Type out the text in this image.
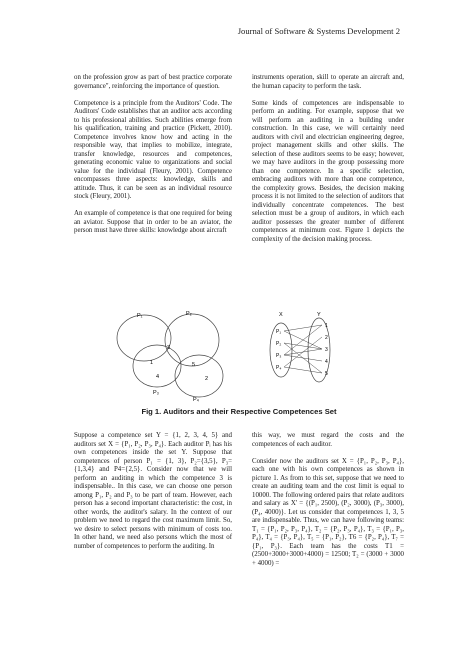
Journal of Software & Systems Development 2

on the profession grow as part of best practice corporate governance", reinforcing the importance of question.

Competence is a principle from the Auditors' Code. The Auditors' Code establishes that an auditor acts according to his professional abilities. Such abilities emerge from his qualification, training and practice (Pickett, 2010). Competence involves know how and acting in the responsible way, that implies to mobilize, integrate, transfer knowledge, resources and competences, generating economic value to organizations and social value for the individual (Fleury, 2001). Competence encompasses three aspects: knowledge, skills and attitude. Thus, it can be seen as an individual resource stock (Fleury, 2001).

An example of competence is that one required for being an aviator. Suppose that in order to be an aviator, the person must have three skills: knowledge about aircraft

instruments operation, skill to operate an aircraft and, the human capacity to perform the task.

Some kinds of competences are indispensable to perform an auditing. For example, suppose that we will perform an auditing in a building under construction. In this case, we will certainly need auditors with civil and electrician engineering degree, project management skills and other skills. The selection of these auditors seems to be easy; however, we may have auditors in the group possessing more than one competence. In a specific selection, embracing auditors with more than one competence, the complexity grows. Besides, the decision making process it is not limited to the selection of auditors that individually concentrate competences. The best selection must be a group of auditors, in which each auditor possesses the greater number of different competences at minimum cost. Figure 1 depicts the complexity of the decision making process.

P₁	P₂
P₃
P₄
1
2
3
4
5
X	Y
P₁
P₂
P₃
P₄
1
2
3
4
5
Fig 1. Auditors and their Respective Competences Set

Suppose a competence set Y = {1, 2, 3, 4, 5} and auditors set X = {P₁, P₂, P₃, P₄}. Each auditor Pᵢ has his own competences inside the set Y. Suppose that competences of person P₁ = {1, 3}, P₂={3,5}, P₃={1,3,4} and P4={2,5}. Consider now that we will perform an auditing in which the competence 3 is indispensable.. In this case, we can choose one person among P₁, P₂ and P₃ to be part of team. However, each person has a second important characteristic: the cost, in other words, the auditor's salary. In the context of our problem we need to regard the cost maximum limit. So, we desire to select persons with minimum of costs too. In other hand, we need also persons which the most of number of competences to perform the auditing. In

this way, we must regard the costs and the competences of each auditor.

Consider now the auditors set X = {P₁, P₂, P₃, P₄}, each one with his own competences as shown in picture 1. As from to this set, suppose that we need to create an auditing team and the cost limit is equal to 10000. The following ordered pairs that relate auditors and salary as X' = {(P₁, 2500), (P₂, 3000), (P₃, 3000), (P₄, 4000)}. Let us consider that competences 1, 3, 5 are indispensable. Thus, we can have following teams: T₁ = {P₁, P₂, P₃, P₄}, T₂ = {P₂, P₃, P₄}, T₃ = {P₁, P₃, P₄}, T₄ = {P₃, P₄}, T₅ = {P₁, P₂}, T6 = {P₂, P₄}, T₇ = {P₁, P₃}. Each team has the costs T1 = (2500+3000+3000+4000) = 12500; T₂ = (3000 + 3000 + 4000) =
